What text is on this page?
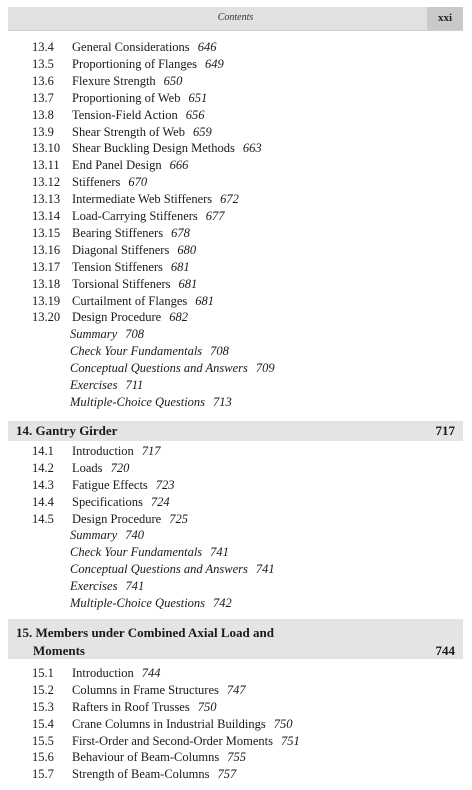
Contents	xxi
13.4	General Considerations 646
13.5	Proportioning of Flanges 649
13.6	Flexure Strength 650
13.7	Proportioning of Web 651
13.8	Tension-Field Action 656
13.9	Shear Strength of Web 659
13.10 Shear Buckling Design Methods 663
13.11 End Panel Design 666
13.12 Stiffeners 670
13.13 Intermediate Web Stiffeners 672
13.14 Load-Carrying Stiffeners 677
13.15 Bearing Stiffeners 678
13.16 Diagonal Stiffeners 680
13.17 Tension Stiffeners 681
13.18 Torsional Stiffeners 681
13.19 Curtailment of Flanges 681
13.20 Design Procedure 682
Summary 708
Check Your Fundamentals 708
Conceptual Questions and Answers 709
Exercises 711
Multiple-Choice Questions 713
14. Gantry Girder	717
14.1	Introduction 717
14.2	Loads 720
14.3	Fatigue Effects 723
14.4	Specifications 724
14.5	Design Procedure 725
Summary 740
Check Your Fundamentals 741
Conceptual Questions and Answers 741
Exercises 741
Multiple-Choice Questions 742
15. Members under Combined Axial Load and
Moments	744
15.1	Introduction 744
15.2	Columns in Frame Structures 747
15.3	Rafters in Roof Trusses 750
15.4	Crane Columns in Industrial Buildings 750
15.5	First-Order and Second-Order Moments 751
15.6	Behaviour of Beam-Columns 755
15.7	Strength of Beam-Columns 757
